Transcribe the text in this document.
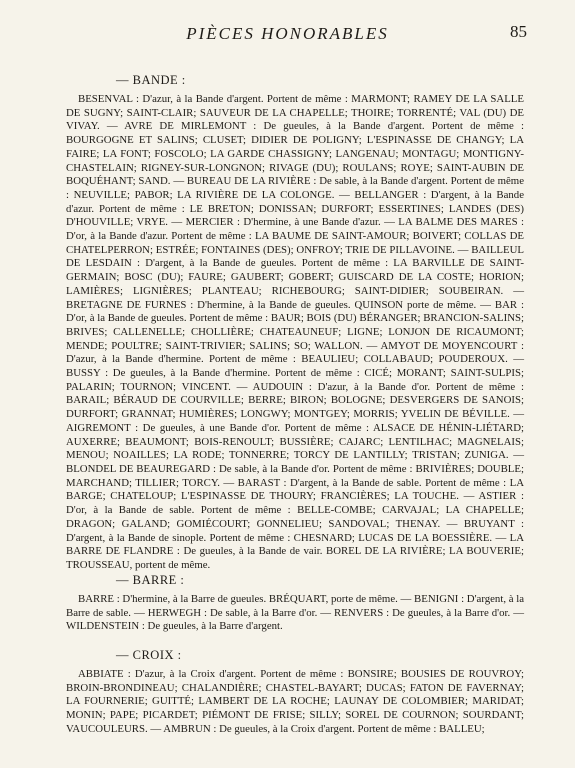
PIÈCES HONORABLES	85
— BANDE :

BESENVAL : D'azur, à la Bande d'argent. Portent de même : MARMONT; RAMEY DE LA SALLE DE SUGNY; SAINT-CLAIR; SAUVEUR DE LA CHAPELLE; THOIRE; TORRENTÉ; VAL (DU) DE VIVAY. — AVRE DE MIRLEMONT : De gueules, à la Bande d'argent. Portent de même : BOURGOGNE ET SALINS; CLUSET; DIDIER DE POLIGNY; L'ESPINASSE DE CHANGY; LA FAIRE; LA FONT; FOSCOLO; LA GARDE CHASSIGNY; LANGENAU; MONTAGU; MONTIGNY-CHASTELAIN; RIGNEY-SUR-LONGNON; RIVAGE (DU); ROULANS; ROYE; SAINT-AUBIN DE BOQUÉHANT; SAND. — BUREAU DE LA RIVIÈRE : De sable, à la Bande d'argent. Portent de même : NEUVILLE; PABOR; LA RIVIÈRE DE LA COLONGE. — BELLANGER : D'argent, à la Bande d'azur. Portent de même : LE BRETON; DONISSAN; DURFORT; ESSERTINES; LANDES (DES) D'HOUVILLE; VRYE. — MERCIER : D'hermine, à une Bande d'azur. — LA BALME DES MARES : D'or, à la Bande d'azur. Portent de même : LA BAUME DE SAINT-AMOUR; BOIVERT; COLLAS DE CHATELPERRON; ESTRÉE; FONTAINES (DES); ONFROY; TRIE DE PILLAVOINE. — BAILLEUL DE LESDAIN : D'argent, à la Bande de gueules. Portent de même : LA BARVILLE DE SAINT-GERMAIN; BOSC (DU); FAURE; GAUBERT; GOBERT; GUISCARD DE LA COSTE; HORION; LAMIÈRES; LIGNIÈRES; PLANTEAU; RICHEBOURG; SAINT-DIDIER; SOUBEIRAN. — BRETAGNE DE FURNES : D'hermine, à la Bande de gueules. QUINSON porte de même. — BAR : D'or, à la Bande de gueules. Portent de même : BAUR; BOIS (DU) BÉRANGER; BRANCION-SALINS; BRIVES; CALLENELLE; CHOLLIÈRE; CHATEAUNEUF; LIGNE; LONJON DE RICAUMONT; MENDE; POULTRE; SAINT-TRIVIER; SALINS; SO; WALLON. — AMYOT DE MOYENCOURT : D'azur, à la Bande d'hermine. Portent de même : BEAULIEU; COLLABAUD; POUDEROUX. — BUSSY : De gueules, à la Bande d'hermine. Portent de même : CICÉ; MORANT; SAINT-SULPIS; PALARIN; TOURNON; VINCENT. — AUDOUIN : D'azur, à la Bande d'or. Portent de même : BARAIL; BÉRAUD DE COURVILLE; BERRE; BIRON; BOLOGNE; DESVERGERS DE SANOIS; DURFORT; GRANNAT; HUMIÈRES; LONGWY; MONTGEY; MORRIS; YVELIN DE BÉVILLE. — AIGREMONT : De gueules, à une Bande d'or. Portent de même : ALSACE DE HÉNIN-LIÉTARD; AUXERRE; BEAUMONT; BOIS-RENOULT; BUSSIÈRE; CAJARC; LENTILHAC; MAGNELAIS; MENOU; NOAILLES; LA RODE; TONNERRE; TORCY DE LANTILLY; TRISTAN; ZUNIGA. — BLONDEL DE BEAUREGARD : De sable, à la Bande d'or. Portent de même : BRIVIÈRES; DOUBLE; MARCHAND; TILLIER; TORCY. — BARAST : D'argent, à la Bande de sable. Portent de même : LA BARGE; CHATELOUP; L'ESPINASSE DE THOURY; FRANCIÈRES; LA TOUCHE. — ASTIER : D'or, à la Bande de sable. Portent de même : BELLE-COMBE; CARVAJAL; LA CHAPELLE; DRAGON; GALAND; GOMIÉCOURT; GONNELIEU; SANDOVAL; THENAY. — BRUYANT : D'argent, à la Bande de sinople. Portent de même : CHESNARD; LUCAS DE LA BOESSIÈRE. — LA BARRE DE FLANDRE : De gueules, à la Bande de vair. BOREL DE LA RIVIÈRE; LA BOUVERIE; TROUSSEAU, portent de même.

— BARRE :

BARRE : D'hermine, à la Barre de gueules. BRÉQUART, porte de même. — BENIGNI : D'argent, à la Barre de sable. — HERWEGH : De sable, à la Barre d'or. — RENVERS : De gueules, à la Barre d'or. — WILDENSTEIN : De gueules, à la Barre d'argent.

— CROIX :

ABBIATE : D'azur, à la Croix d'argent. Portent de même : BONSIRE; BOUSIES DE ROUVROY; BROIN-BRONDINEAU; CHALANDIÈRE; CHASTEL-BAYART; DUCAS; FATON DE FAVERNAY; LA FOURNERIE; GUITTÉ; LAMBERT DE LA ROCHE; LAUNAY DE COLOMBIER; MARIDAT; MONIN; PAPE; PICARDET; PIÉMONT DE FRISE; SILLY; SOREL DE COURNON; SOURDANT; VAUCOULEURS. — AMBRUN : De gueules, à la Croix d'argent. Portent de même : BALLEU;
